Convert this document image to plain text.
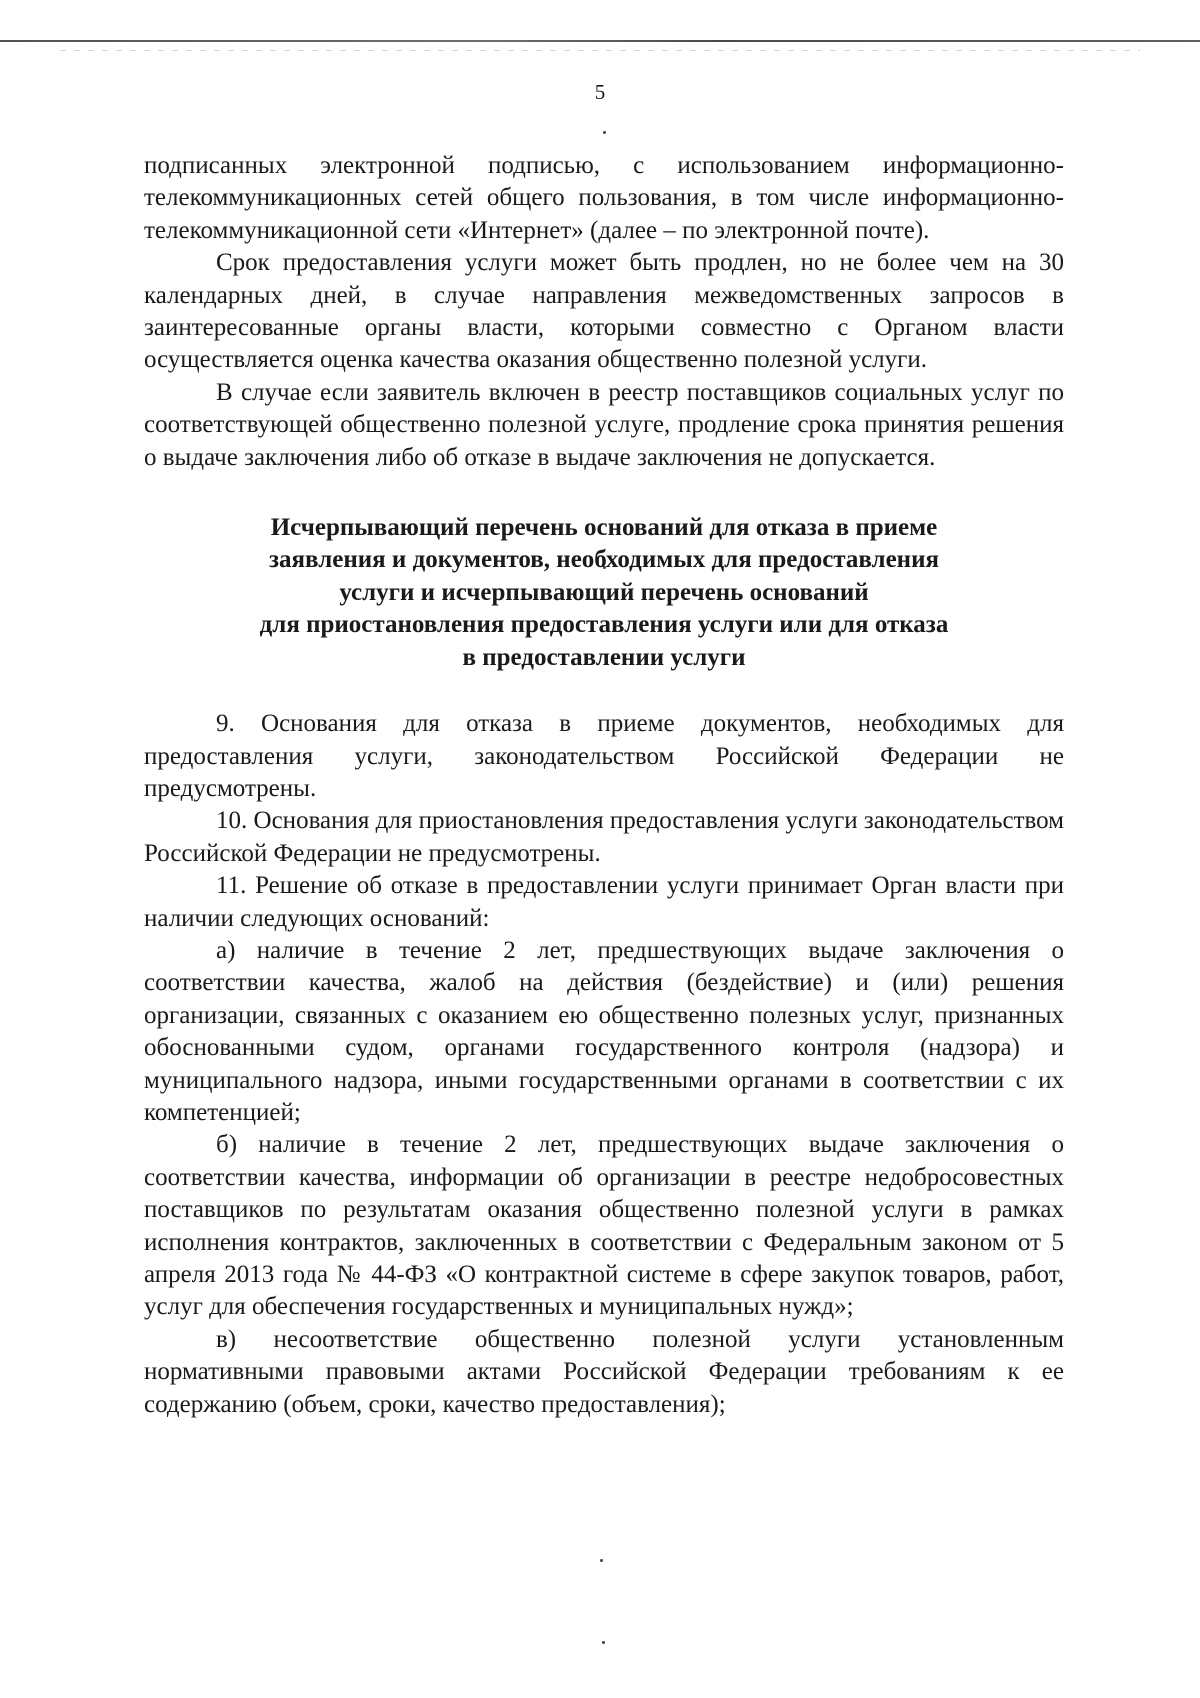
5

подписанных электронной подписью, с использованием информационно-телекоммуникационных сетей общего пользования, в том числе информационно-телекоммуникационной сети «Интернет» (далее – по электронной почте).

Срок предоставления услуги может быть продлен, но не более чем на 30 календарных дней, в случае направления межведомственных запросов в заинтересованные органы власти, которыми совместно с Органом власти осуществляется оценка качества оказания общественно полезной услуги.

В случае если заявитель включен в реестр поставщиков социальных услуг по соответствующей общественно полезной услуге, продление срока принятия решения о выдаче заключения либо об отказе в выдаче заключения не допускается.

Исчерпывающий перечень оснований для отказа в приеме
заявления и документов, необходимых для предоставления
услуги и исчерпывающий перечень оснований
для приостановления предоставления услуги или для отказа
в предоставлении услуги

9. Основания для отказа в приеме документов, необходимых для предоставления услуги, законодательством Российской Федерации не предусмотрены.

10. Основания для приостановления предоставления услуги законодательством Российской Федерации не предусмотрены.

11. Решение об отказе в предоставлении услуги принимает Орган власти при наличии следующих оснований:

а) наличие в течение 2 лет, предшествующих выдаче заключения о соответствии качества, жалоб на действия (бездействие) и (или) решения организации, связанных с оказанием ею общественно полезных услуг, признанных обоснованными судом, органами государственного контроля (надзора) и муниципального надзора, иными государственными органами в соответствии с их компетенцией;

б) наличие в течение 2 лет, предшествующих выдаче заключения о соответствии качества, информации об организации в реестре недобросовестных поставщиков по результатам оказания общественно полезной услуги в рамках исполнения контрактов, заключенных в соответствии с Федеральным законом от 5 апреля 2013 года № 44-ФЗ «О контрактной системе в сфере закупок товаров, работ, услуг для обеспечения государственных и муниципальных нужд»;

в) несоответствие общественно полезной услуги установленным нормативными правовыми актами Российской Федерации требованиям к ее содержанию (объем, сроки, качество предоставления);
